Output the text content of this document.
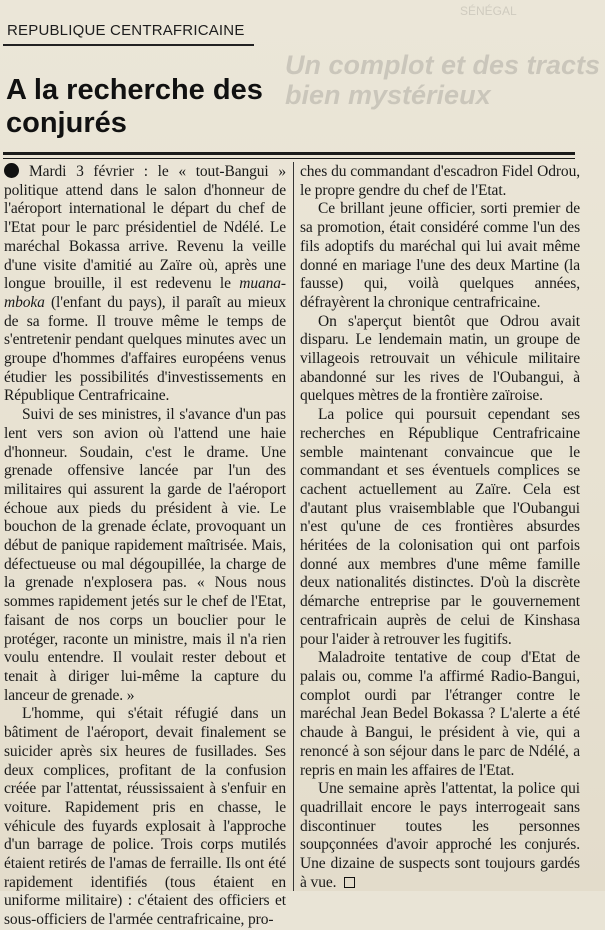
SÉNÉGAL
Un complot et des tracts
bien mystérieux
REPUBLIQUE CENTRAFRICAINE
A la recherche des conjurés

Mardi 3 février : le « tout-Bangui » politique attend dans le salon d'honneur de l'aéroport international le départ du chef de l'Etat pour le parc présidentiel de Ndélé. Le maréchal Bokassa arrive. Revenu la veille d'une visite d'amitié au Zaïre où, après une longue brouille, il est redevenu le muana-mboka (l'enfant du pays), il paraît au mieux de sa forme. Il trouve même le temps de s'entretenir pendant quelques minutes avec un groupe d'hommes d'affaires européens venus étudier les possibilités d'investissements en République Centrafricaine.

Suivi de ses ministres, il s'avance d'un pas lent vers son avion où l'attend une haie d'honneur. Soudain, c'est le drame. Une grenade offensive lancée par l'un des militaires qui assurent la garde de l'aéroport échoue aux pieds du président à vie. Le bouchon de la grenade éclate, provoquant un début de panique rapidement maîtrisée. Mais, défectueuse ou mal dégoupillée, la charge de la grenade n'explosera pas. « Nous nous sommes rapidement jetés sur le chef de l'Etat, faisant de nos corps un bouclier pour le protéger, raconte un ministre, mais il n'a rien voulu entendre. Il voulait rester debout et tenait à diriger lui-même la capture du lanceur de grenade. »

L'homme, qui s'était réfugié dans un bâtiment de l'aéroport, devait finalement se suicider après six heures de fusillades. Ses deux complices, profitant de la confusion créée par l'attentat, réussissaient à s'enfuir en voiture. Rapidement pris en chasse, le véhicule des fuyards explosait à l'approche d'un barrage de police. Trois corps mutilés étaient retirés de l'amas de ferraille. Ils ont été rapidement identifiés (tous étaient en uniforme militaire) : c'étaient des officiers et sous-officiers de l'armée centrafricaine, pro-

ches du commandant d'escadron Fidel Odrou, le propre gendre du chef de l'Etat.

Ce brillant jeune officier, sorti premier de sa promotion, était considéré comme l'un des fils adoptifs du maréchal qui lui avait même donné en mariage l'une des deux Martine (la fausse) qui, voilà quelques années, défrayèrent la chronique centrafricaine.

On s'aperçut bientôt que Odrou avait disparu. Le lendemain matin, un groupe de villageois retrouvait un véhicule militaire abandonné sur les rives de l'Oubangui, à quelques mètres de la frontière zaïroise.

La police qui poursuit cependant ses recherches en République Centrafricaine semble maintenant convaincue que le commandant et ses éventuels complices se cachent actuellement au Zaïre. Cela est d'autant plus vraisemblable que l'Oubangui n'est qu'une de ces frontières absurdes héritées de la colonisation qui ont parfois donné aux membres d'une même famille deux nationalités distinctes. D'où la discrète démarche entreprise par le gouvernement centrafricain auprès de celui de Kinshasa pour l'aider à retrouver les fugitifs.

Maladroite tentative de coup d'Etat de palais ou, comme l'a affirmé Radio-Bangui, complot ourdi par l'étranger contre le maréchal Jean Bedel Bokassa ? L'alerte a été chaude à Bangui, le président à vie, qui a renoncé à son séjour dans le parc de Ndélé, a repris en main les affaires de l'Etat.

Une semaine après l'attentat, la police qui quadrillait encore le pays interrogeait sans discontinuer toutes les personnes soupçonnées d'avoir approché les conjurés. Une dizaine de suspects sont toujours gardés à vue.
